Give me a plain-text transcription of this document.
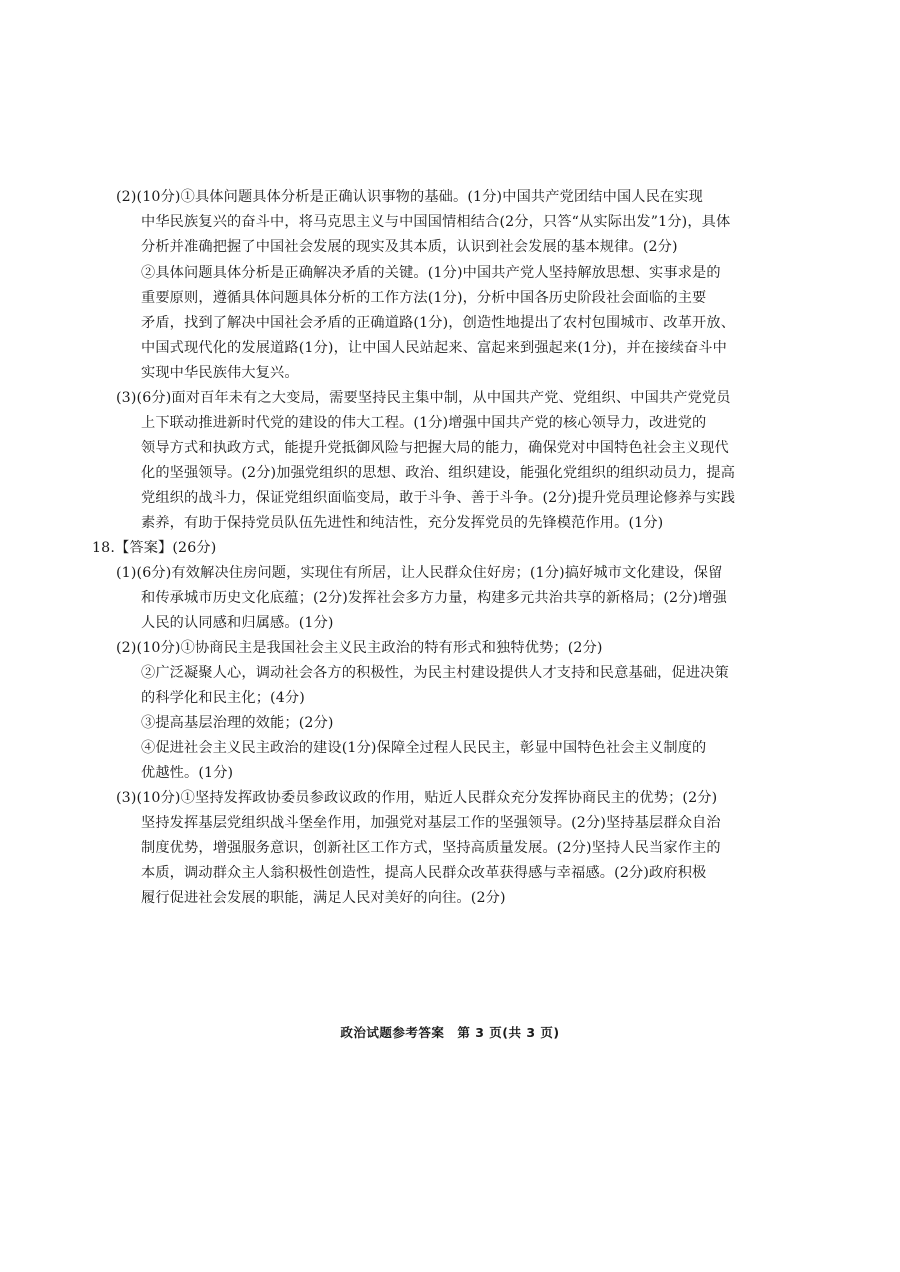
(2)(10分)①具体问题具体分析是正确认识事物的基础。(1分)中国共产党团结中国人民在实现
中华民族复兴的奋斗中，将马克思主义与中国国情相结合(2分，只答“从实际出发”1分)，具体
分析并准确把握了中国社会发展的现实及其本质，认识到社会发展的基本规律。(2分)
②具体问题具体分析是正确解决矛盾的关键。(1分)中国共产党人坚持解放思想、实事求是的
重要原则，遵循具体问题具体分析的工作方法(1分)，分析中国各历史阶段社会面临的主要
矛盾，找到了解决中国社会矛盾的正确道路(1分)，创造性地提出了农村包围城市、改革开放、
中国式现代化的发展道路(1分)，让中国人民站起来、富起来到强起来(1分)，并在接续奋斗中
实现中华民族伟大复兴。
(3)(6分)面对百年未有之大变局，需要坚持民主集中制，从中国共产党、党组织、中国共产党党员
上下联动推进新时代党的建设的伟大工程。(1分)增强中国共产党的核心领导力，改进党的
领导方式和执政方式，能提升党抵御风险与把握大局的能力，确保党对中国特色社会主义现代
化的坚强领导。(2分)加强党组织的思想、政治、组织建设，能强化党组织的组织动员力，提高
党组织的战斗力，保证党组织面临变局，敢于斗争、善于斗争。(2分)提升党员理论修养与实践
素养，有助于保持党员队伍先进性和纯洁性，充分发挥党员的先锋模范作用。(1分)
18.【答案】(26分)
(1)(6分)有效解决住房问题，实现住有所居，让人民群众住好房；(1分)搞好城市文化建设，保留
和传承城市历史文化底蕴；(2分)发挥社会多方力量，构建多元共治共享的新格局；(2分)增强
人民的认同感和归属感。(1分)
(2)(10分)①协商民主是我国社会主义民主政治的特有形式和独特优势；(2分)
②广泛凝聚人心，调动社会各方的积极性，为民主村建设提供人才支持和民意基础，促进决策
的科学化和民主化；(4分)
③提高基层治理的效能；(2分)
④促进社会主义民主政治的建设(1分)保障全过程人民民主，彰显中国特色社会主义制度的
优越性。(1分)
(3)(10分)①坚持发挥政协委员参政议政的作用，贴近人民群众充分发挥协商民主的优势；(2分)
坚持发挥基层党组织战斗堡垒作用，加强党对基层工作的坚强领导。(2分)坚持基层群众自治
制度优势，增强服务意识，创新社区工作方式，坚持高质量发展。(2分)坚持人民当家作主的
本质，调动群众主人翁积极性创造性，提高人民群众改革获得感与幸福感。(2分)政府积极
履行促进社会发展的职能，满足人民对美好的向往。(2分)
政治试题参考答案　第 3 页(共 3 页)
